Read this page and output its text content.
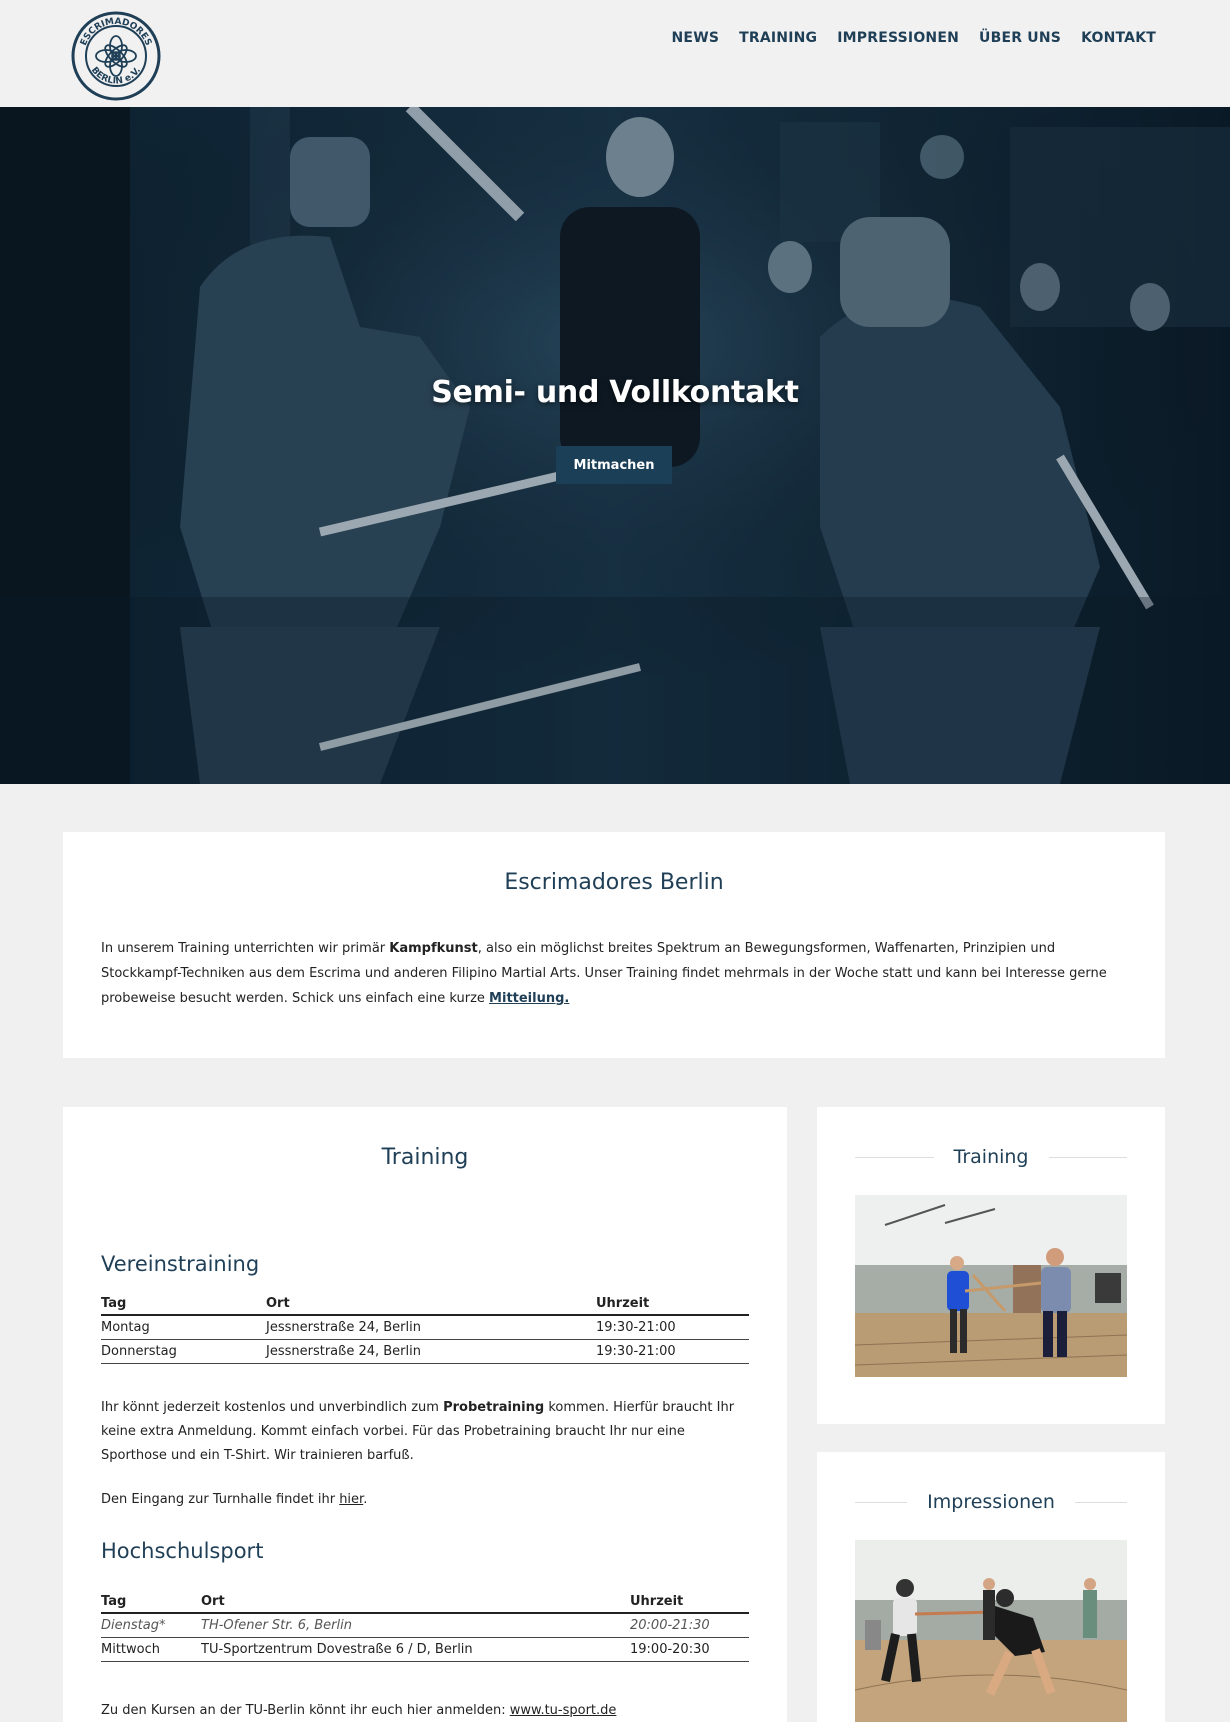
ESCRIMADORES
BERLIN e.V.
NEWS TRAINING IMPRESSIONEN ÜBER UNS KONTAKT
Semi- und Vollkontakt
Mitmachen
Escrimadores Berlin

In unserem Training unterrichten wir primär Kampfkunst, also ein möglichst breites Spektrum an Bewegungsformen, Waffenarten, Prinzipien und Stockkampf-Techniken aus dem Escrima und anderen Filipino Martial Arts. Unser Training findet mehrmals in der Woche statt und kann bei Interesse gerne probeweise besucht werden. Schick uns einfach eine kurze Mitteilung.

Training
Vereinstraining
Tag	Ort	Uhrzeit
Montag	Jessnerstraße 24, Berlin	19:30-21:00
Donnerstag	Jessnerstraße 24, Berlin	19:30-21:00

Ihr könnt jederzeit kostenlos und unverbindlich zum Probetraining kommen. Hierfür braucht Ihr keine extra Anmeldung. Kommt einfach vorbei. Für das Probetraining braucht Ihr nur eine Sporthose und ein T-Shirt. Wir trainieren barfuß.

Den Eingang zur Turnhalle findet ihr hier.

Hochschulsport
Tag	Ort	Uhrzeit
Dienstag*	TH-Ofener Str. 6, Berlin	20:00-21:30
Mittwoch	TU-Sportzentrum Dovestraße 6 / D, Berlin	19:00-20:30

Zu den Kursen an der TU-Berlin könnt ihr euch hier anmelden: www.tu-sport.de

Training
Impressionen
